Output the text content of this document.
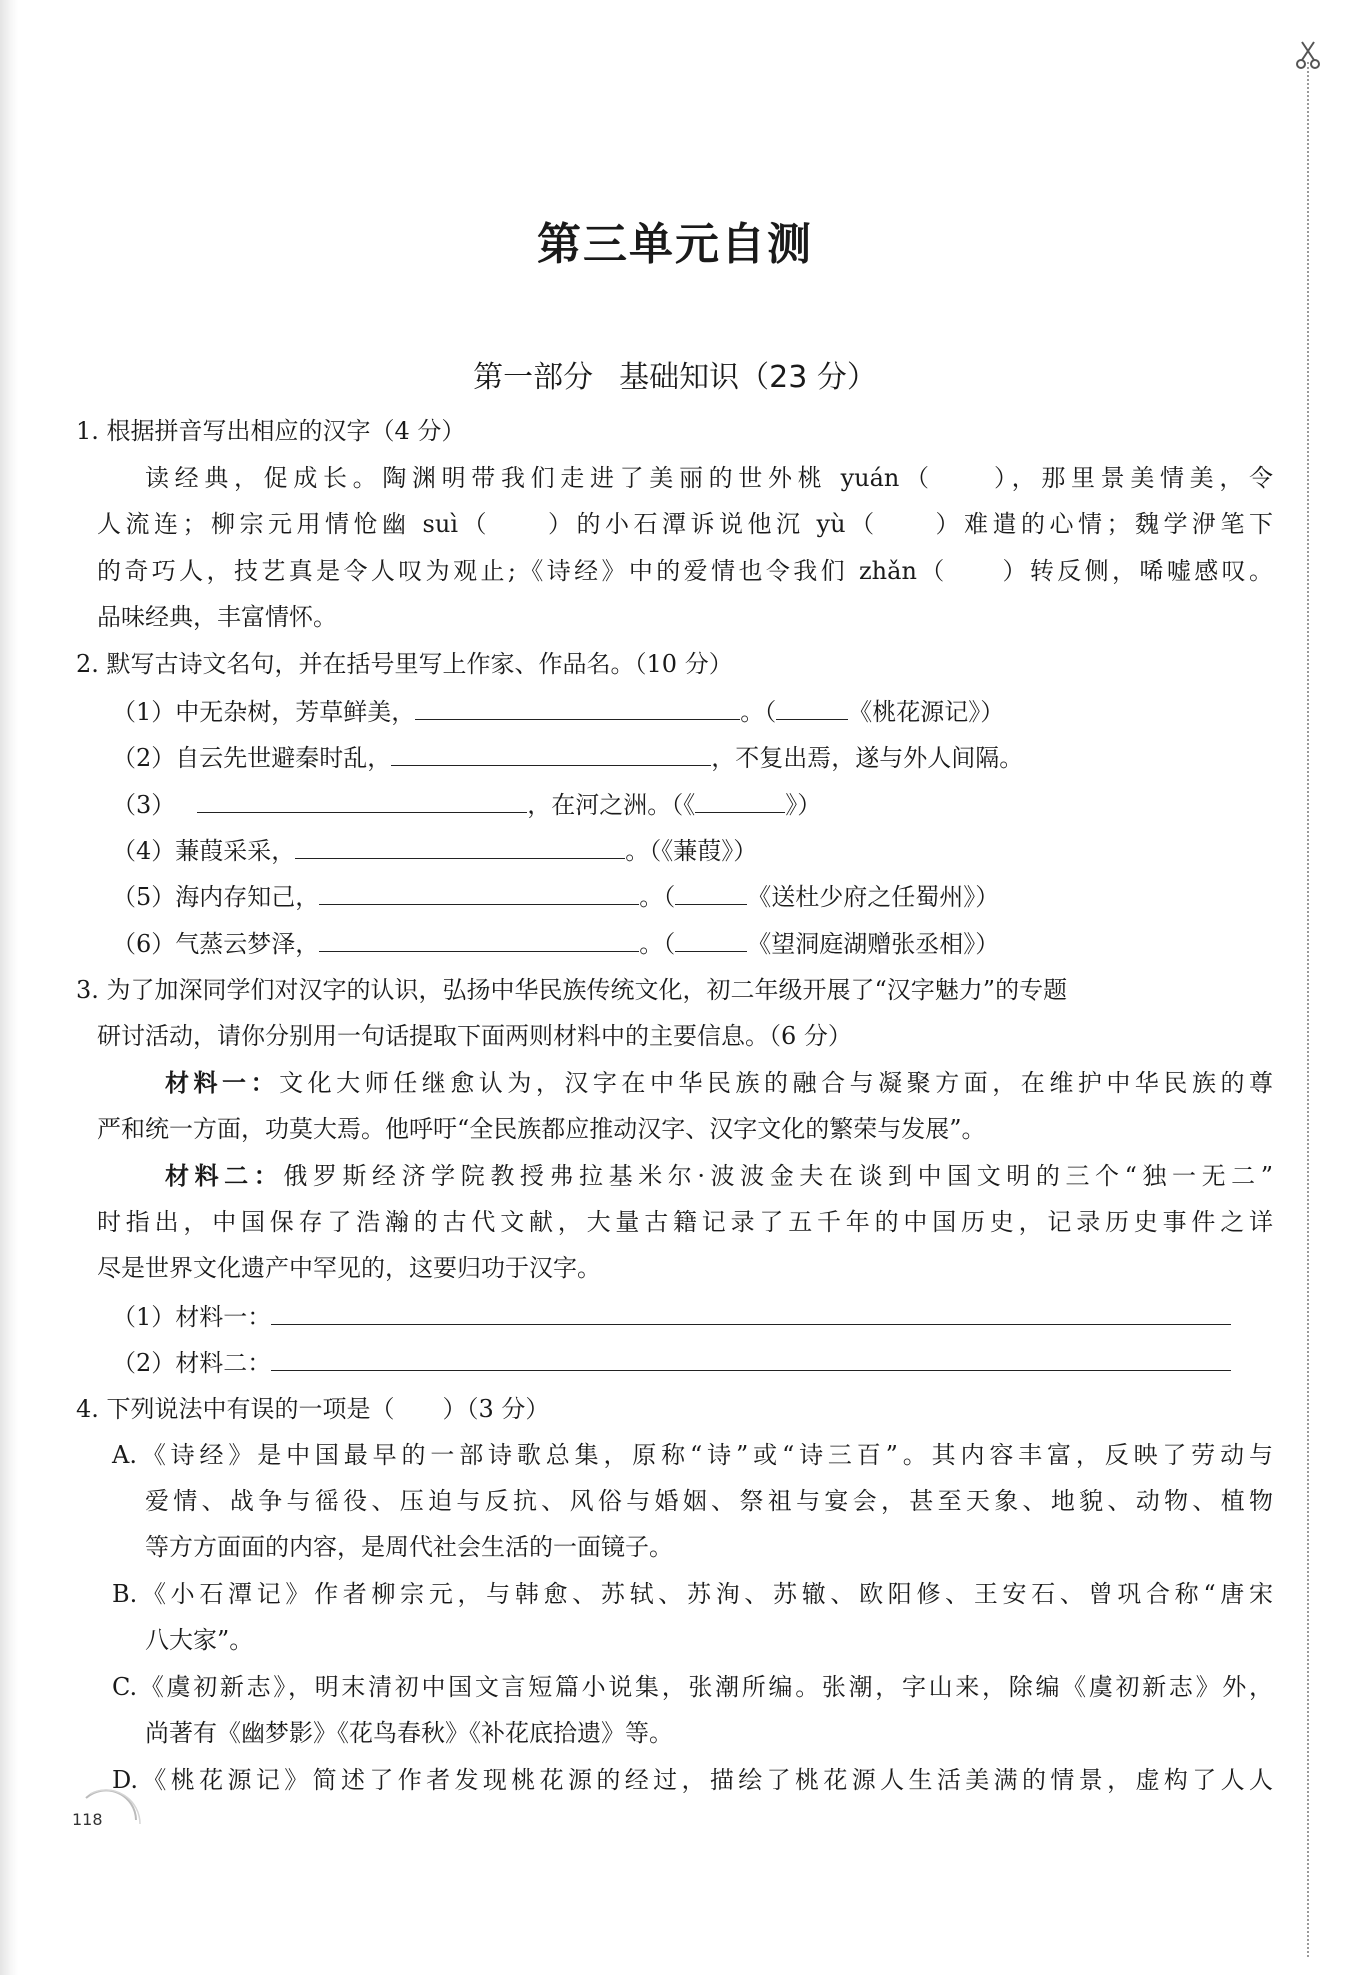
第三单元自测
第一部分 基础知识（23 分）
1. 根据拼音写出相应的汉字（4 分）
读经典，促成长。陶渊明带我们走进了美丽的世外桃 yuán（　　），那里景美情美，令
人流连；柳宗元用情怆幽 suì（　　）的小石潭诉说他沉 yù（　　）难遣的心情；魏学洢笔下
的奇巧人，技艺真是令人叹为观止;《诗经》中的爱情也令我们 zhǎn（　　）转反侧，唏嘘感叹。
品味经典，丰富情怀。
2. 默写古诗文名句，并在括号里写上作家、作品名。（10 分）
（1）中无杂树，芳草鲜美，	。（	《桃花源记》）
（2）自云先世避秦时乱，	，不复出焉，遂与外人间隔。
（3）	，在河之洲。（《	》）
（4）蒹葭采采，	。（《蒹葭》）
（5）海内存知己，	。（	《送杜少府之任蜀州》）
（6）气蒸云梦泽，	。（	《望洞庭湖赠张丞相》）
3. 为了加深同学们对汉字的认识，弘扬中华民族传统文化，初二年级开展了“汉字魅力”的专题
研讨活动，请你分别用一句话提取下面两则材料中的主要信息。（6 分）
材料一：文化大师任继愈认为，汉字在中华民族的融合与凝聚方面，在维护中华民族的尊
严和统一方面，功莫大焉。他呼吁“全民族都应推动汉字、汉字文化的繁荣与发展”。
材料二：俄罗斯经济学院教授弗拉基米尔·波波金夫在谈到中国文明的三个“独一无二”
时指出，中国保存了浩瀚的古代文献，大量古籍记录了五千年的中国历史，记录历史事件之详
尽是世界文化遗产中罕见的，这要归功于汉字。
（1）材料一：
（2）材料二：
4. 下列说法中有误的一项是（　　）（3 分）
A.《诗经》是中国最早的一部诗歌总集，原称“诗”或“诗三百”。其内容丰富，反映了劳动与
爱情、战争与徭役、压迫与反抗、风俗与婚姻、祭祖与宴会，甚至天象、地貌、动物、植物
等方方面面的内容，是周代社会生活的一面镜子。
B.《小石潭记》作者柳宗元，与韩愈、苏轼、苏洵、苏辙、欧阳修、王安石、曾巩合称“唐宋
八大家”。
C.《虞初新志》，明末清初中国文言短篇小说集，张潮所编。张潮，字山来，除编《虞初新志》外，
尚著有《幽梦影》《花鸟春秋》《补花底拾遗》等。
D.《桃花源记》简述了作者发现桃花源的经过，描绘了桃花源人生活美满的情景，虚构了人人
118
